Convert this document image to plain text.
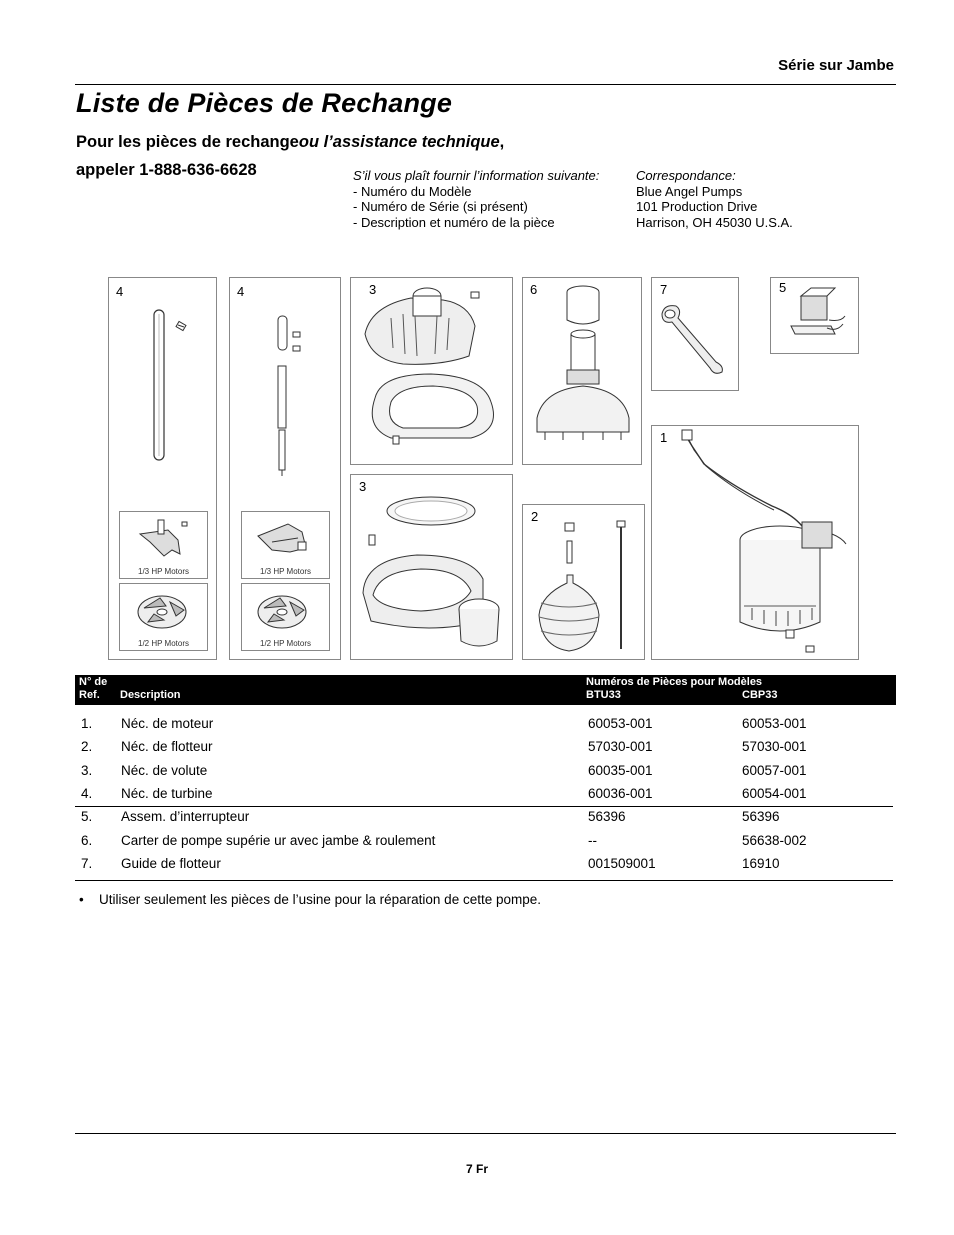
Série sur Jambe
Liste de Pièces de Rechange
Pour les pièces de rechangeou l’assistance technique,
appeler 1-888-636-6628	S’il vous plaît fournir l’information suivante:
- Numéro du Modèle
- Numéro de Série (si présent)
- Description et numéro de la pièce
Correspondance:
Blue Angel Pumps
101 Production Drive
Harrison, OH 45030 U.S.A.
4
1/3 HP Motors
1/2 HP Motors
4
1/3 HP Motors
1/2 HP Motors
3	6	7	5
1
3
2
N° de
Ref. Description
Numéros de Pièces pour Modèles
BTU33	CBP33
1. Néc. de moteur	60053-001	60053-001
2. Néc. de flotteur	57030-001	57030-001
3. Néc. de volute	60035-001	60057-001
4. Néc. de turbine	60036-001	60054-001
5. Assem. d’interrupteur	56396	56396
6. Carter de pompe supérie ur avec jambe & roulement	--	56638-002
7. Guide de flotteur	001509001	16910
• Utiliser seulement les pièces de l’usine pour la réparation de cette pompe.
7 Fr
